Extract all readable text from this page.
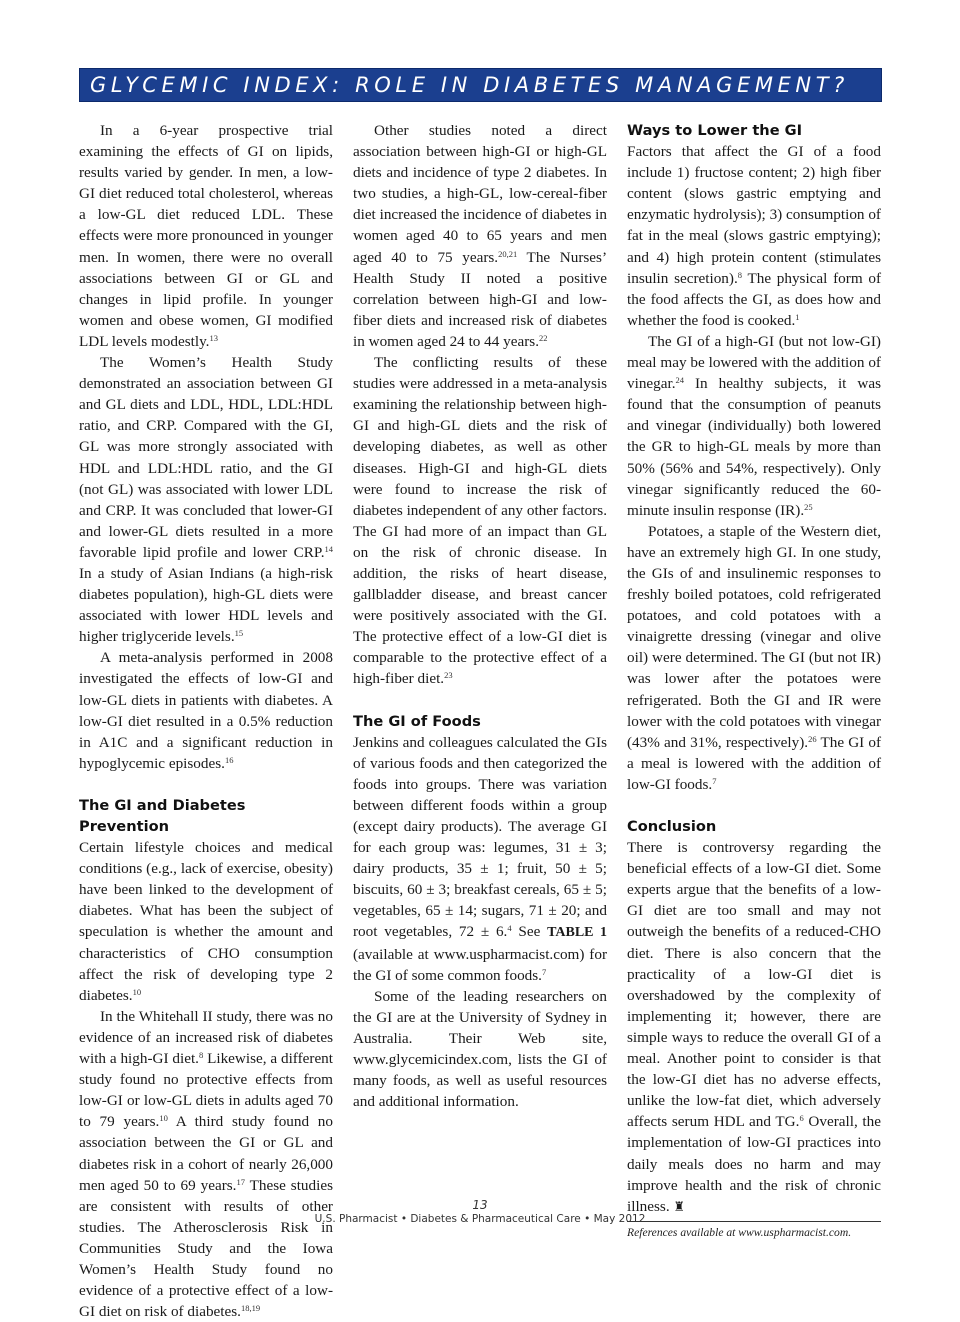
GLYCEMIC INDEX: ROLE IN DIABETES MANAGEMENT?

In a 6-year prospective trial examining the effects of GI on lipids, results varied by gender. In men, a low-GI diet reduced total cholesterol, whereas a low-GL diet reduced LDL. These effects were more pronounced in younger men. In women, there were no overall associations between GI or GL and changes in lipid profile. In younger women and obese women, GI modified LDL levels modestly.$^{13}$

The Women’s Health Study demonstrated an association between GI and GL diets and LDL, HDL, LDL:HDL ratio, and CRP. Compared with the GI, GL was more strongly associated with HDL and LDL:HDL ratio, and the GI (not GL) was associated with lower LDL and CRP. It was concluded that lower-GI and lower-GL diets resulted in a more favorable lipid profile and lower CRP.$^{14}$ In a study of Asian Indians (a high-risk diabetes population), high-GL diets were associated with lower HDL levels and higher triglyceride levels.$^{15}$

A meta-analysis performed in 2008 investigated the effects of low-GI and low-GL diets in patients with diabetes. A low-GI diet resulted in a 0.5% reduction in A1C and a significant reduction in hypoglycemic episodes.$^{16}$

The GI and Diabetes Prevention

Certain lifestyle choices and medical conditions (e.g., lack of exercise, obesity) have been linked to the development of diabetes. What has been the subject of speculation is whether the amount and characteristics of CHO consumption affect the risk of developing type 2 diabetes.$^{10}$

In the Whitehall II study, there was no evidence of an increased risk of diabetes with a high-GI diet.$^8$ Likewise, a different study found no protective effects from low-GI or low-GL diets in adults aged 70 to 79 years.$^{10}$ A third study found no association between the GI or GL and diabetes risk in a cohort of nearly 26,000 men aged 50 to 69 years.$^{17}$ These studies are consistent with results of other studies. The Atherosclerosis Risk in Communities Study and the Iowa Women’s Health Study found no evidence of a protective effect of a low-GI diet on risk of diabetes.$^{18,19}$

Other studies noted a direct association between high-GI or high-GL diets and incidence of type 2 diabetes. In two studies, a high-GL, low-cereal-fiber diet increased the incidence of diabetes in women aged 40 to 65 years and men aged 40 to 75 years.$^{20,21}$ The Nurses’ Health Study II noted a positive correlation between high-GI and low-fiber diets and increased risk of diabetes in women aged 24 to 44 years.$^{22}$

The conflicting results of these studies were addressed in a meta-analysis examining the relationship between high-GI and high-GL diets and the risk of developing diabetes, as well as other diseases. High-GI and high-GL diets were found to increase the risk of diabetes independent of any other factors. The GI had more of an impact than GL on the risk of chronic disease. In addition, the risks of heart disease, gallbladder disease, and breast cancer were positively associated with the GI. The protective effect of a low-GI diet is comparable to the protective effect of a high-fiber diet.$^{23}$

The GI of Foods

Jenkins and colleagues calculated the GIs of various foods and then categorized the foods into groups. There was variation between different foods within a group (except dairy products). The average GI for each group was: legumes, 31 ± 3; dairy products, 35 ± 1; fruit, 50 ± 5; biscuits, 60 ± 3; breakfast cereals, 65 ± 5; vegetables, 65 ± 14; sugars, 71 ± 20; and root vegetables, 72 ± 6.$^4$ See TABLE 1 (available at www.uspharmacist.com) for the GI of some common foods.$^7$

Some of the leading researchers on the GI are at the University of Sydney in Australia. Their Web site, www.glycemicindex.com, lists the GI of many foods, as well as useful resources and additional information.

Ways to Lower the GI

Factors that affect the GI of a food include 1) fructose content; 2) high fiber content (slows gastric emptying and enzymatic hydrolysis); 3) consumption of fat in the meal (slows gastric emptying); and 4) high protein content (stimulates insulin secretion).$^8$ The physical form of the food affects the GI, as does how and whether the food is cooked.$^1$

The GI of a high-GI (but not low-GI) meal may be lowered with the addition of vinegar.$^{24}$ In healthy subjects, it was found that the consumption of peanuts and vinegar (individually) both lowered the GR to high-GL meals by more than 50% (56% and 54%, respectively). Only vinegar significantly reduced the 60-minute insulin response (IR).$^{25}$

Potatoes, a staple of the Western diet, have an extremely high GI. In one study, the GIs of and insulinemic responses to freshly boiled potatoes, cold refrigerated potatoes, and cold potatoes with a vinaigrette dressing (vinegar and olive oil) were determined. The GI (but not IR) was lower after the potatoes were refrigerated. Both the GI and IR were lower with the cold potatoes with vinegar (43% and 31%, respectively).$^{26}$ The GI of a meal is lowered with the addition of low-GI foods.$^7$

Conclusion

There is controversy regarding the beneficial effects of a low-GI diet. Some experts argue that the benefits of a low-GI diet are too small and may not outweigh the benefits of a reduced-CHO diet. There is also concern that the practicality of a low-GI diet is overshadowed by the complexity of implementing it; however, there are simple ways to reduce the overall GI of a meal. Another point to consider is that the low-GI diet has no adverse effects, unlike the low-fat diet, which adversely affects serum HDL and TG.$^6$ Overall, the implementation of low-GI practices into daily meals does no harm and may improve health and the risk of chronic illness. ♜

References available at www.uspharmacist.com.
13
U.S. Pharmacist • Diabetes & Pharmaceutical Care • May 2012
